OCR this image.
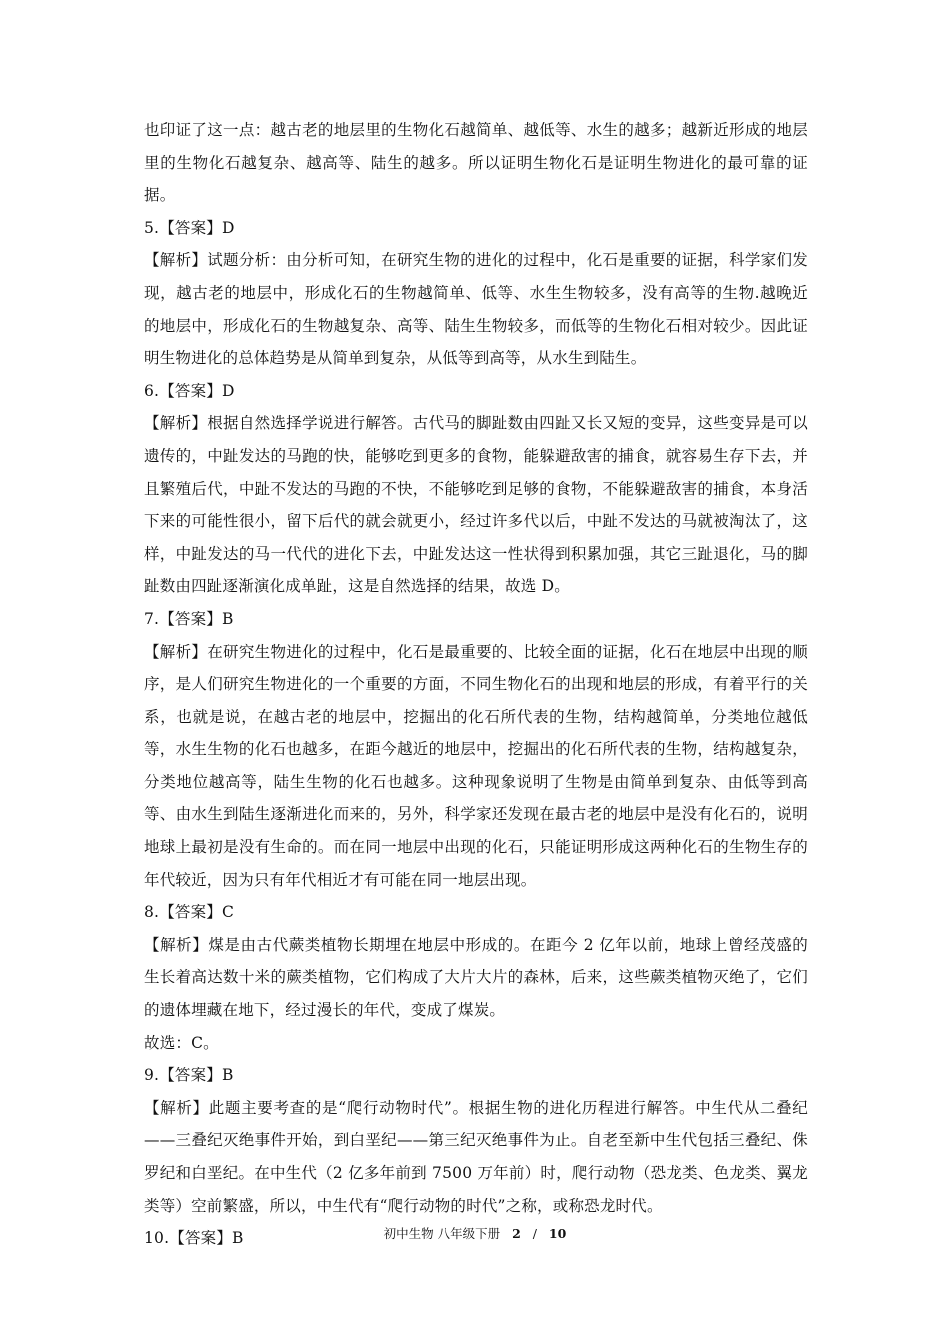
也印证了这一点：越古老的地层里的生物化石越简单、越低等、水生的越多；越新近形成的地层里的生物化石越复杂、越高等、陆生的越多。所以证明生物化石是证明生物进化的最可靠的证据。

5.【答案】D

【解析】试题分析：由分析可知，在研究生物的进化的过程中，化石是重要的证据，科学家们发现，越古老的地层中，形成化石的生物越简单、低等、水生生物较多，没有高等的生物.越晚近的地层中，形成化石的生物越复杂、高等、陆生生物较多，而低等的生物化石相对较少。因此证明生物进化的总体趋势是从简单到复杂，从低等到高等，从水生到陆生。

6.【答案】D

【解析】根据自然选择学说进行解答。古代马的脚趾数由四趾又长又短的变异，这些变异是可以遗传的，中趾发达的马跑的快，能够吃到更多的食物，能躲避敌害的捕食，就容易生存下去，并且繁殖后代，中趾不发达的马跑的不快，不能够吃到足够的食物，不能躲避敌害的捕食，本身活下来的可能性很小，留下后代的就会就更小，经过许多代以后，中趾不发达的马就被淘汰了，这样，中趾发达的马一代代的进化下去，中趾发达这一性状得到积累加强，其它三趾退化，马的脚趾数由四趾逐渐演化成单趾，这是自然选择的结果，故选 D。

7.【答案】B

【解析】在研究生物进化的过程中，化石是最重要的、比较全面的证据，化石在地层中出现的顺序，是人们研究生物进化的一个重要的方面，不同生物化石的出现和地层的形成，有着平行的关系，也就是说，在越古老的地层中，挖掘出的化石所代表的生物，结构越简单，分类地位越低等，水生生物的化石也越多，在距今越近的地层中，挖掘出的化石所代表的生物，结构越复杂，分类地位越高等，陆生生物的化石也越多。这种现象说明了生物是由简单到复杂、由低等到高等、由水生到陆生逐渐进化而来的，另外，科学家还发现在最古老的地层中是没有化石的，说明地球上最初是没有生命的。而在同一地层中出现的化石，只能证明形成这两种化石的生物生存的年代较近，因为只有年代相近才有可能在同一地层出现。

8.【答案】C

【解析】煤是由古代蕨类植物长期埋在地层中形成的。在距今 2 亿年以前，地球上曾经茂盛的生长着高达数十米的蕨类植物，它们构成了大片大片的森林，后来，这些蕨类植物灭绝了，它们的遗体埋藏在地下，经过漫长的年代，变成了煤炭。

故选：C。

9.【答案】B

【解析】此题主要考查的是“爬行动物时代”。根据生物的进化历程进行解答。中生代从二叠纪——三叠纪灭绝事件开始，到白垩纪——第三纪灭绝事件为止。自老至新中生代包括三叠纪、侏罗纪和白垩纪。在中生代（2 亿多年前到 7500 万年前）时，爬行动物（恐龙类、色龙类、翼龙类等）空前繁盛，所以，中生代有“爬行动物的时代”之称，或称恐龙时代。

10.【答案】B	初中生物 八年级下册 2 / 10
